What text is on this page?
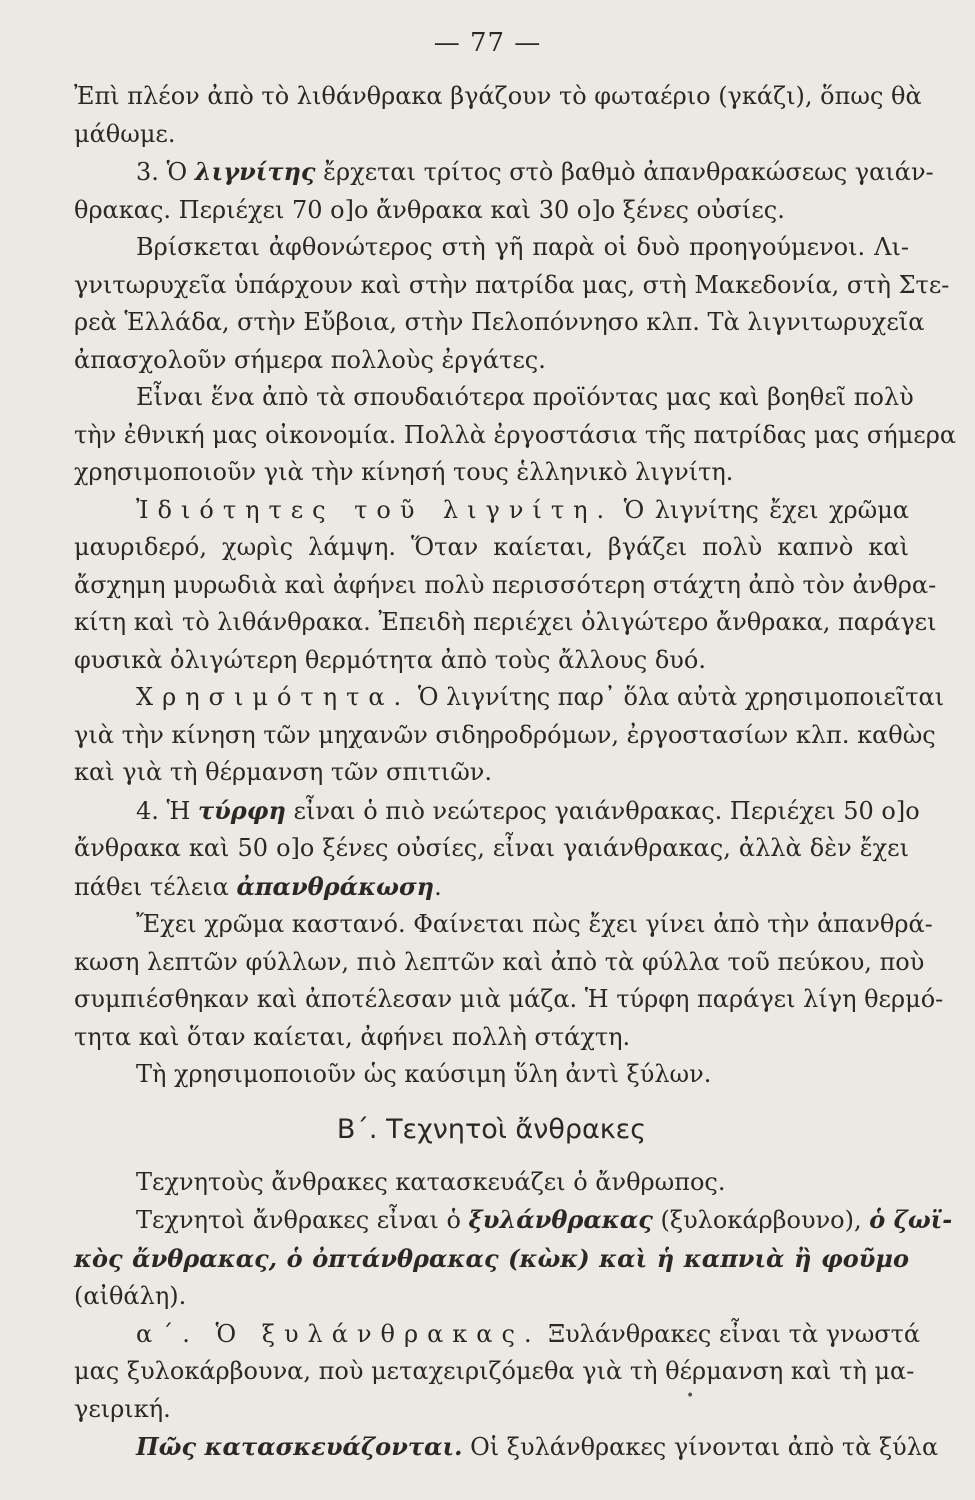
— 77 —
Ἐπὶ πλέον ἀπὸ τὸ λιθάνθρακα βγάζουν τὸ φωταέριο (γκάζι), ὅπως θὰ
μάθωμε.
3. Ὁ λιγνίτης ἔρχεται τρίτος στὸ βαθμὸ ἀπανθρακώσεως γαιάν-
θρακας. Περιέχει 70 ο]ο ἄνθρακα καὶ 30 ο]ο ξένες οὐσίες.
Βρίσκεται ἀφθονώτερος στὴ γῆ παρὰ οἱ δυὸ προηγούμενοι. Λι-
γνιτωρυχεῖα ὑπάρχουν καὶ στὴν πατρίδα μας, στὴ Μακεδονία, στὴ Στε-
ρεὰ Ἑλλάδα, στὴν Εὔβοια, στὴν Πελοπόννησο κλπ. Τὰ λιγνιτωρυχεῖα
ἀπασχολοῦν σήμερα πολλοὺς ἐργάτες.
Εἶναι ἕνα ἀπὸ τὰ σπουδαιότερα προϊόντας μας καὶ βοηθεῖ πολὺ
τὴν ἐθνική μας οἰκονομία. Πολλὰ ἐργοστάσια τῆς πατρίδας μας σήμερα
χρησιμοποιοῦν γιὰ τὴν κίνησή τους ἑλληνικὸ λιγνίτη.
Ἰδιότητες τοῦ λιγνίτη. Ὁ λιγνίτης ἔχει χρῶμα
μαυριδερό, χωρὶς λάμψη. Ὅταν καίεται, βγάζει πολὺ καπνὸ καὶ
ἄσχημη μυρωδιὰ καὶ ἀφήνει πολὺ περισσότερη στάχτη ἀπὸ τὸν ἀνθρα-
κίτη καὶ τὸ λιθάνθρακα. Ἐπειδὴ περιέχει ὀλιγώτερο ἄνθρακα, παράγει
φυσικὰ ὀλιγώτερη θερμότητα ἀπὸ τοὺς ἄλλους δυό.
Χρησιμότητα. Ὁ λιγνίτης παρ᾿ ὅλα αὐτὰ χρησιμοποιεῖται
γιὰ τὴν κίνηση τῶν μηχανῶν σιδηροδρόμων, ἐργοστασίων κλπ. καθὼς
καὶ γιὰ τὴ θέρμανση τῶν σπιτιῶν.
4. Ἡ τύρφη εἶναι ὁ πιὸ νεώτερος γαιάνθρακας. Περιέχει 50 ο]ο
ἄνθρακα καὶ 50 ο]ο ξένες οὐσίες, εἶναι γαιάνθρακας, ἀλλὰ δὲν ἔχει
πάθει τέλεια ἀπανθράκωση.
Ἔχει χρῶμα καστανό. Φαίνεται πὼς ἔχει γίνει ἀπὸ τὴν ἀπανθρά-
κωση λεπτῶν φύλλων, πιὸ λεπτῶν καὶ ἀπὸ τὰ φύλλα τοῦ πεύκου, ποὺ
συμπιέσθηκαν καὶ ἀποτέλεσαν μιὰ μάζα. Ἡ τύρφη παράγει λίγη θερμό-
τητα καὶ ὅταν καίεται, ἀφήνει πολλὴ στάχτη.
Τὴ χρησιμοποιοῦν ὡς καύσιμη ὕλη ἀντὶ ξύλων.
Β΄. Τεχνητοὶ ἄνθρακες
Τεχνητοὺς ἄνθρακες κατασκευάζει ὁ ἄνθρωπος.
Τεχνητοὶ ἄνθρακες εἶναι ὁ ξυλάνθρακας (ξυλοκάρβουνο), ὁ ζωϊ-
κὸς ἄνθρακας, ὁ ὀπτάνθρακας (κὼκ) καὶ ἡ καπνιὰ ἢ φοῦμο
(αἰθάλη).
α΄. Ὁ ξυλάνθρακας. Ξυλάνθρακες εἶναι τὰ γνωστά
μας ξυλοκάρβουνα, ποὺ μεταχειριζόμεθα γιὰ τὴ θέρμανση καὶ τὴ μα-
γειρική.
Πῶς κατασκευάζονται. Οἱ ξυλάνθρακες γίνονται ἀπὸ τὰ ξύλα
•
